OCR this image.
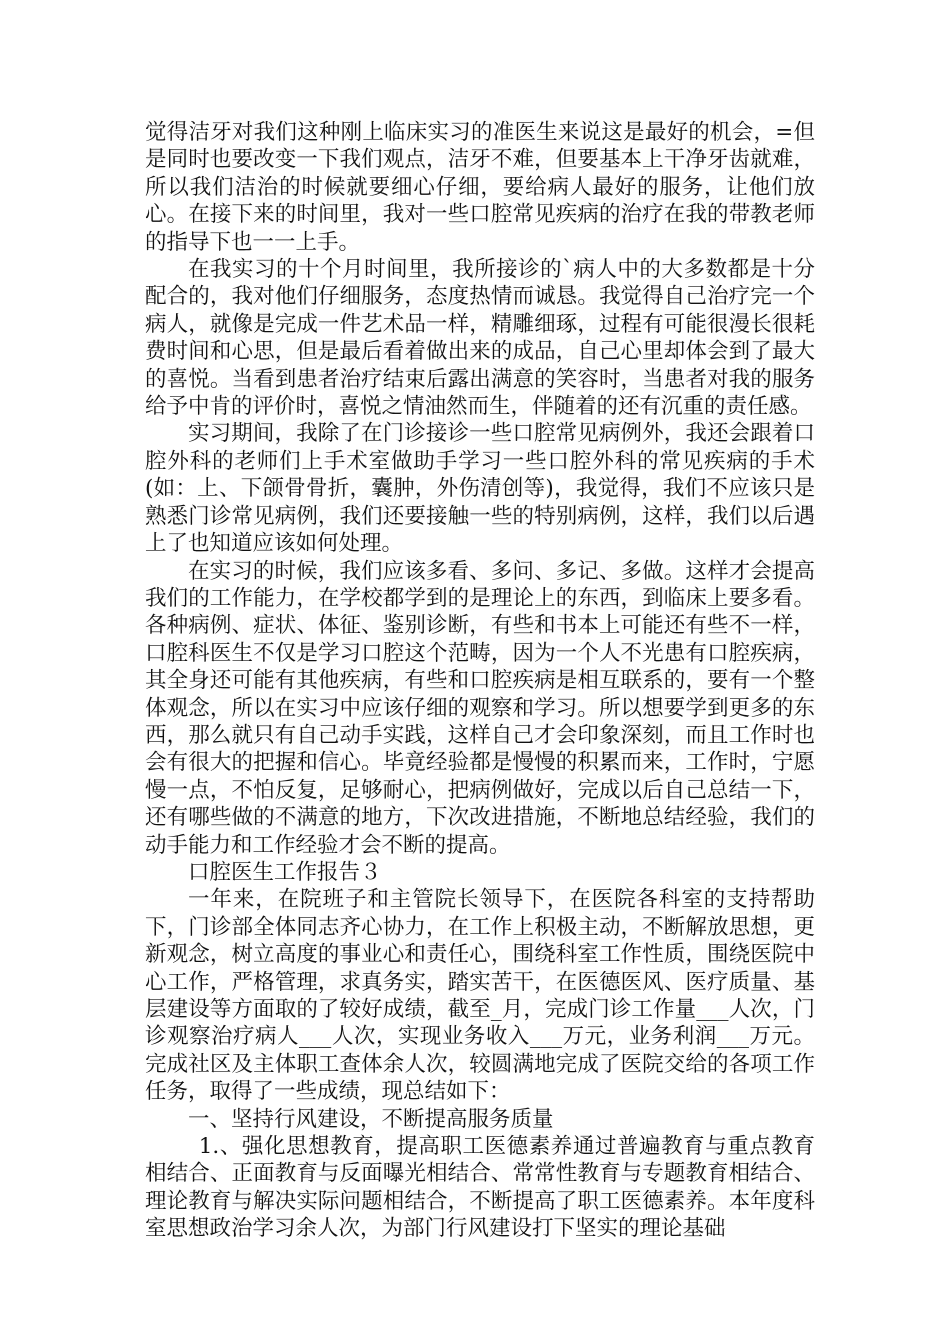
觉得洁牙对我们这种刚上临床实习的准医生来说这是最好的机会，=但是同时也要改变一下我们观点，洁牙不难，但要基本上干净牙齿就难，所以我们洁治的时候就要细心仔细，要给病人最好的服务，让他们放心。在接下来的时间里，我对一些口腔常见疾病的治疗在我的带教老师的指导下也一一上手。

在我实习的十个月时间里，我所接诊的`病人中的大多数都是十分配合的，我对他们仔细服务，态度热情而诚恳。我觉得自己治疗完一个病人，就像是完成一件艺术品一样，精雕细琢，过程有可能很漫长很耗费时间和心思，但是最后看着做出来的成品，自己心里却体会到了最大的喜悦。当看到患者治疗结束后露出满意的笑容时，当患者对我的服务给予中肯的评价时，喜悦之情油然而生，伴随着的还有沉重的责任感。

实习期间，我除了在门诊接诊一些口腔常见病例外，我还会跟着口腔外科的老师们上手术室做助手学习一些口腔外科的常见疾病的手术(如：上、下颌骨骨折，囊肿，外伤清创等)，我觉得，我们不应该只是熟悉门诊常见病例，我们还要接触一些的特别病例，这样，我们以后遇上了也知道应该如何处理。

在实习的时候，我们应该多看、多问、多记、多做。这样才会提高我们的工作能力，在学校都学到的是理论上的东西，到临床上要多看。各种病例、症状、体征、鉴别诊断，有些和书本上可能还有些不一样，口腔科医生不仅是学习口腔这个范畴，因为一个人不光患有口腔疾病，其全身还可能有其他疾病，有些和口腔疾病是相互联系的，要有一个整体观念，所以在实习中应该仔细的观察和学习。所以想要学到更多的东西，那么就只有自己动手实践，这样自己才会印象深刻，而且工作时也会有很大的把握和信心。毕竟经验都是慢慢的积累而来，工作时，宁愿慢一点，不怕反复，足够耐心，把病例做好，完成以后自己总结一下，还有哪些做的不满意的地方，下次改进措施，不断地总结经验，我们的动手能力和工作经验才会不断的提高。

口腔医生工作报告３

一年来，在院班子和主管院长领导下，在医院各科室的支持帮助下，门诊部全体同志齐心协力，在工作上积极主动，不断解放思想，更新观念，树立高度的事业心和责任心，围绕科室工作性质，围绕医院中心工作，严格管理，求真务实，踏实苦干，在医德医风、医疗质量、基层建设等方面取的了较好成绩，截至_月，完成门诊工作量___人次，门诊观察治疗病人___人次，实现业务收入___万元，业务利润___万元。完成社区及主体职工查体余人次，较圆满地完成了医院交给的各项工作任务，取得了一些成绩，现总结如下：

一、坚持行风建设，不断提高服务质量

1.、强化思想教育，提高职工医德素养通过普遍教育与重点教育相结合、正面教育与反面曝光相结合、常常性教育与专题教育相结合、理论教育与解决实际问题相结合，不断提高了职工医德素养。本年度科室思想政治学习余人次，为部门行风建设打下坚实的理论基础
